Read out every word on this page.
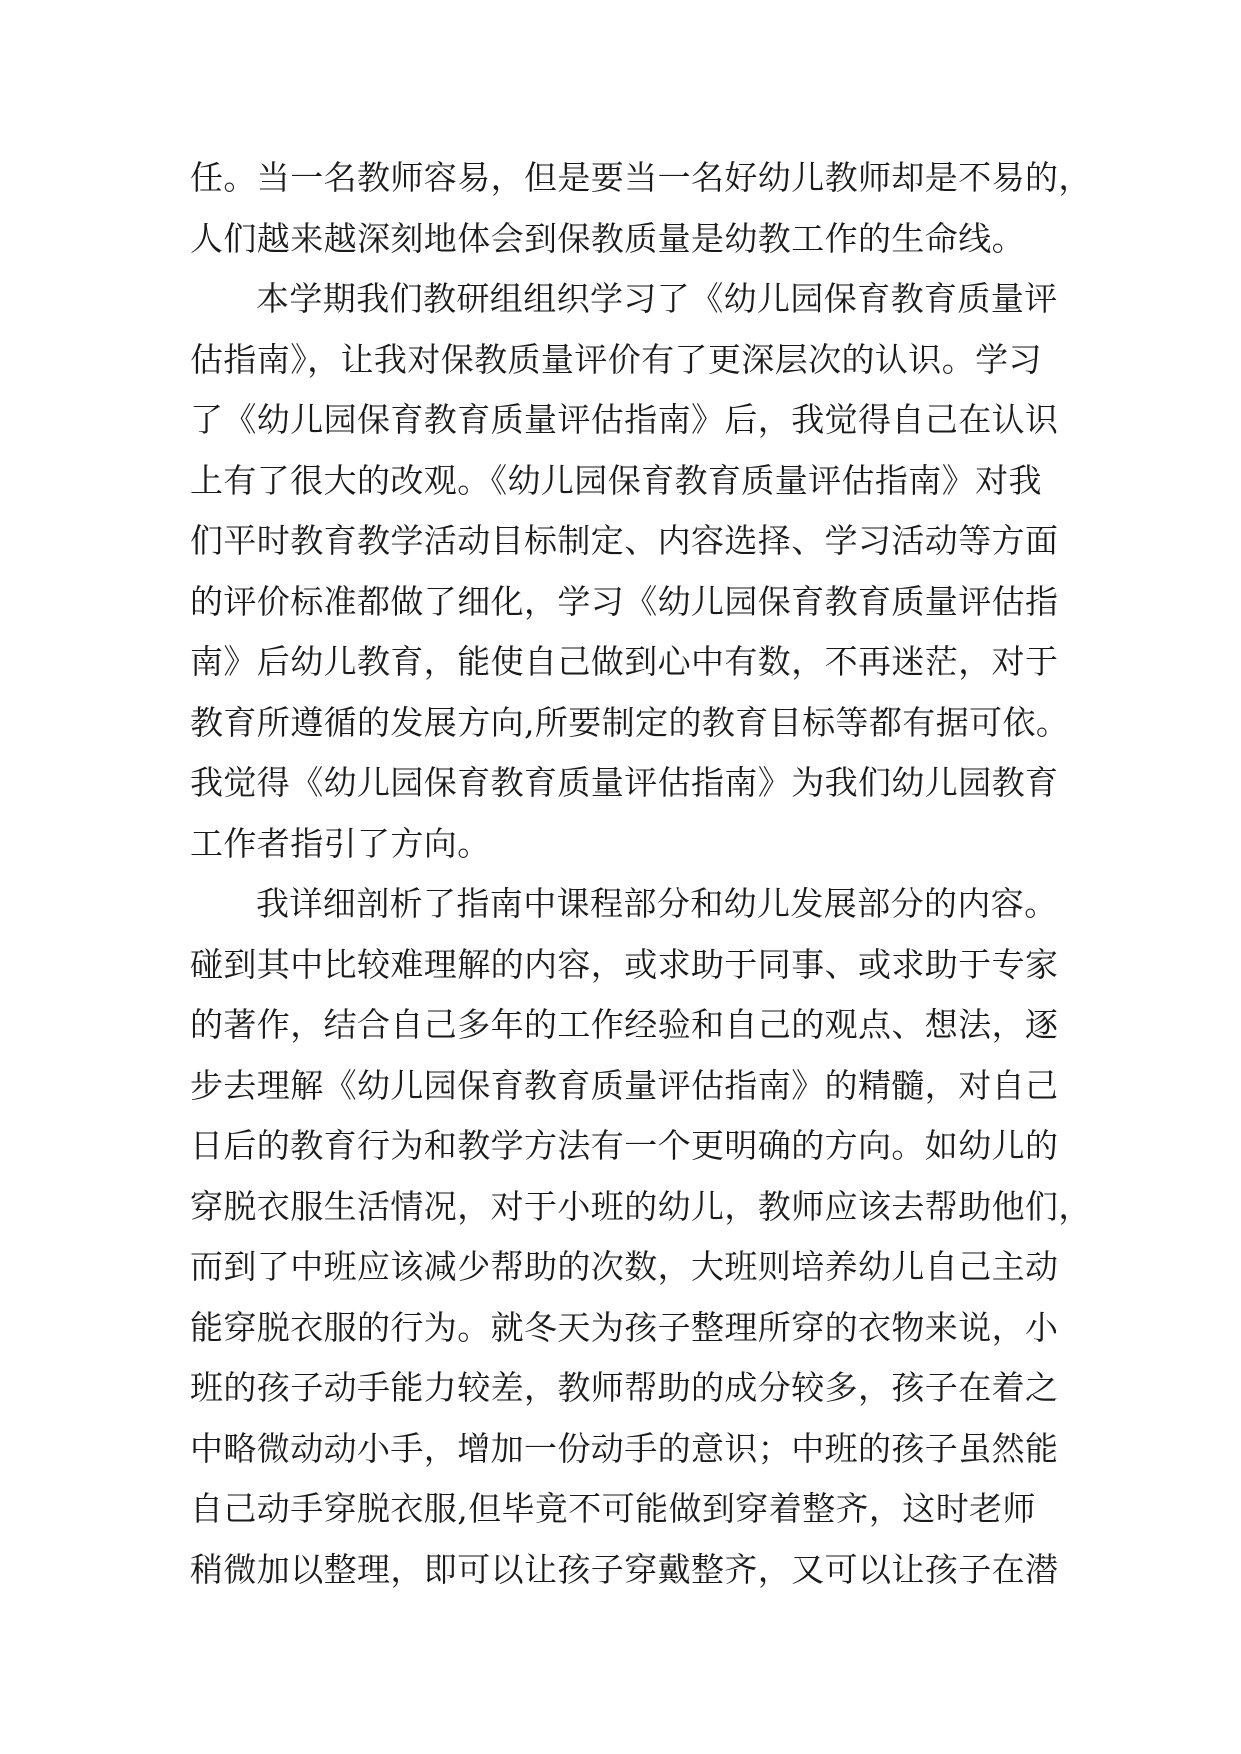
任。当一名教师容易，但是要当一名好幼儿教师却是不易的，
人们越来越深刻地体会到保教质量是幼教工作的生命线。
本学期我们教研组组织学习了《幼儿园保育教育质量评
估指南》，让我对保教质量评价有了更深层次的认识。学习
了《幼儿园保育教育质量评估指南》后，我觉得自己在认识
上有了很大的改观。《幼儿园保育教育质量评估指南》对我
们平时教育教学活动目标制定、内容选择、学习活动等方面
的评价标准都做了细化，学习《幼儿园保育教育质量评估指
南》后幼儿教育，能使自己做到心中有数，不再迷茫，对于
教育所遵循的发展方向,所要制定的教育目标等都有据可依。
我觉得《幼儿园保育教育质量评估指南》为我们幼儿园教育
工作者指引了方向。
我详细剖析了指南中课程部分和幼儿发展部分的内容。
碰到其中比较难理解的内容，或求助于同事、或求助于专家
的著作，结合自己多年的工作经验和自己的观点、想法，逐
步去理解《幼儿园保育教育质量评估指南》的精髓，对自己
日后的教育行为和教学方法有一个更明确的方向。如幼儿的
穿脱衣服生活情况，对于小班的幼儿，教师应该去帮助他们，
而到了中班应该减少帮助的次数，大班则培养幼儿自己主动
能穿脱衣服的行为。就冬天为孩子整理所穿的衣物来说，小
班的孩子动手能力较差，教师帮助的成分较多，孩子在着之
中略微动动小手，增加一份动手的意识；中班的孩子虽然能
自己动手穿脱衣服,但毕竟不可能做到穿着整齐，这时老师
稍微加以整理，即可以让孩子穿戴整齐，又可以让孩子在潜
